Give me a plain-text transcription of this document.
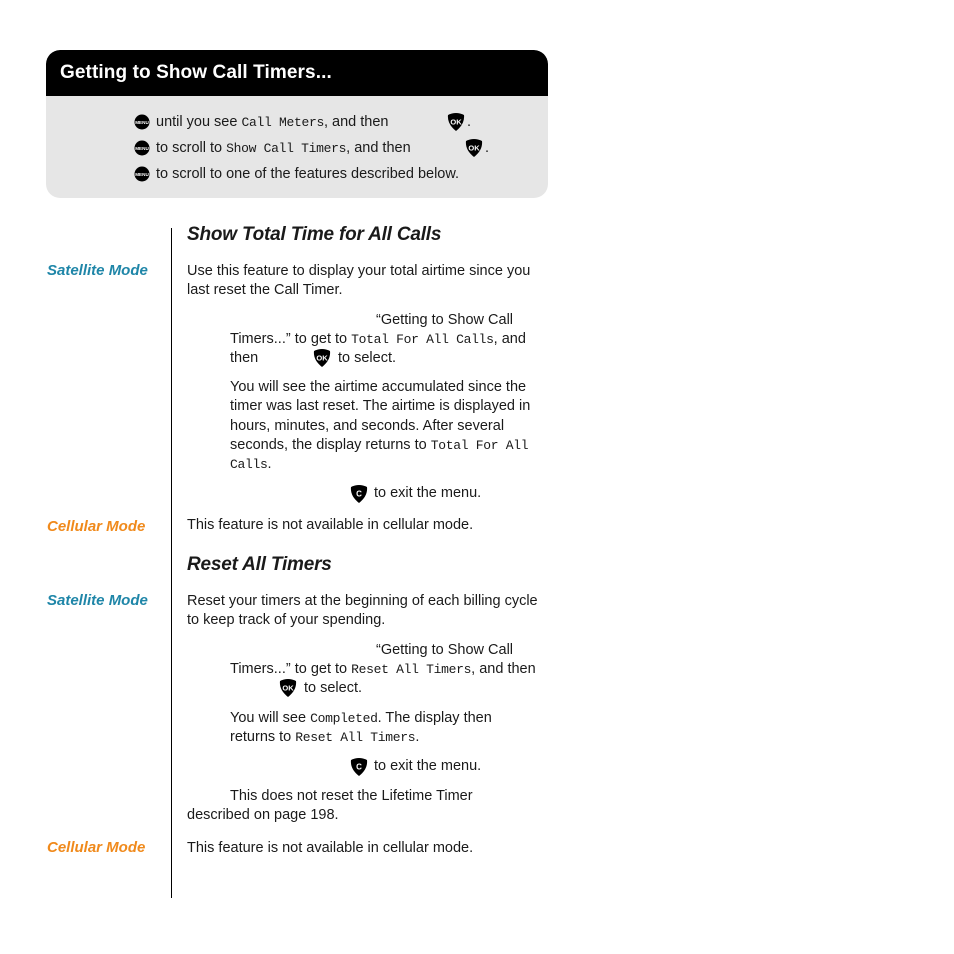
Getting to Show Call Timers...
until you see Call Meters, and then	.
to scroll to Show Call Timers, and then	.
to scroll to one of the features described below.
Show Total Time for All Calls
Satellite Mode	Use this feature to display your total airtime since you last reset the Call Timer.
“Getting to Show Call
Timers...” to get to Total For All Calls, and
then	to select.
You will see the airtime accumulated since the timer was last reset. The airtime is displayed in hours, minutes, and seconds. After several seconds, the display returns to Total For All Calls.
to exit the menu.
Cellular Mode	This feature is not available in cellular mode.
Reset All Timers
Satellite Mode	Reset your timers at the beginning of each billing cycle to keep track of your spending.
“Getting to Show Call
Timers...” to get to Reset All Timers, and then
to select.
You will see Completed. The display then
returns to Reset All Timers.
to exit the menu.
This does not reset the Lifetime Timer
described on page 198.
Cellular Mode	This feature is not available in cellular mode.
